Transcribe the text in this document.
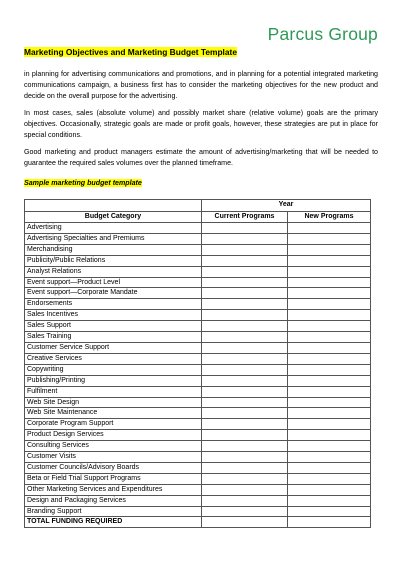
Parcus Group
Marketing Objectives and Marketing Budget Template

in planning for advertising communications and promotions, and in planning for a potential integrated marketing communications campaign, a business first has to consider the marketing objectives for the new product and decide on the overall purpose for the advertising.

In most cases, sales (absolute volume) and possibly market share (relative volume) goals are the primary objectives. Occasionally, strategic goals are made or profit goals, however, these strategies are put in place for special conditions.

Good marketing and product managers estimate the amount of advertising/marketing that will be needed to guarantee the required sales volumes over the planned timeframe.

Sample marketing budget template
	Year	
Budget Category	Current Programs	New Programs
Advertising		
Advertising Specialties and Premiums		
Merchandising		
Publicity/Public Relations		
Analyst Relations		
Event support—Product Level		
Event support—Corporate Mandate		
Endorsements		
Sales Incentives		
Sales Support		
Sales Training		
Customer Service Support		
Creative Services		
Copywriting		
Publishing/Printing		
Fulfilment		
Web Site Design		
Web Site Maintenance		
Corporate Program Support		
Product Design Services		
Consulting Services		
Customer Visits		
Customer Councils/Advisory Boards		
Beta or Field Trial Support Programs		
Other Marketing Services and Expenditures		
Design and Packaging Services		
Branding Support		
TOTAL FUNDING REQUIRED		
